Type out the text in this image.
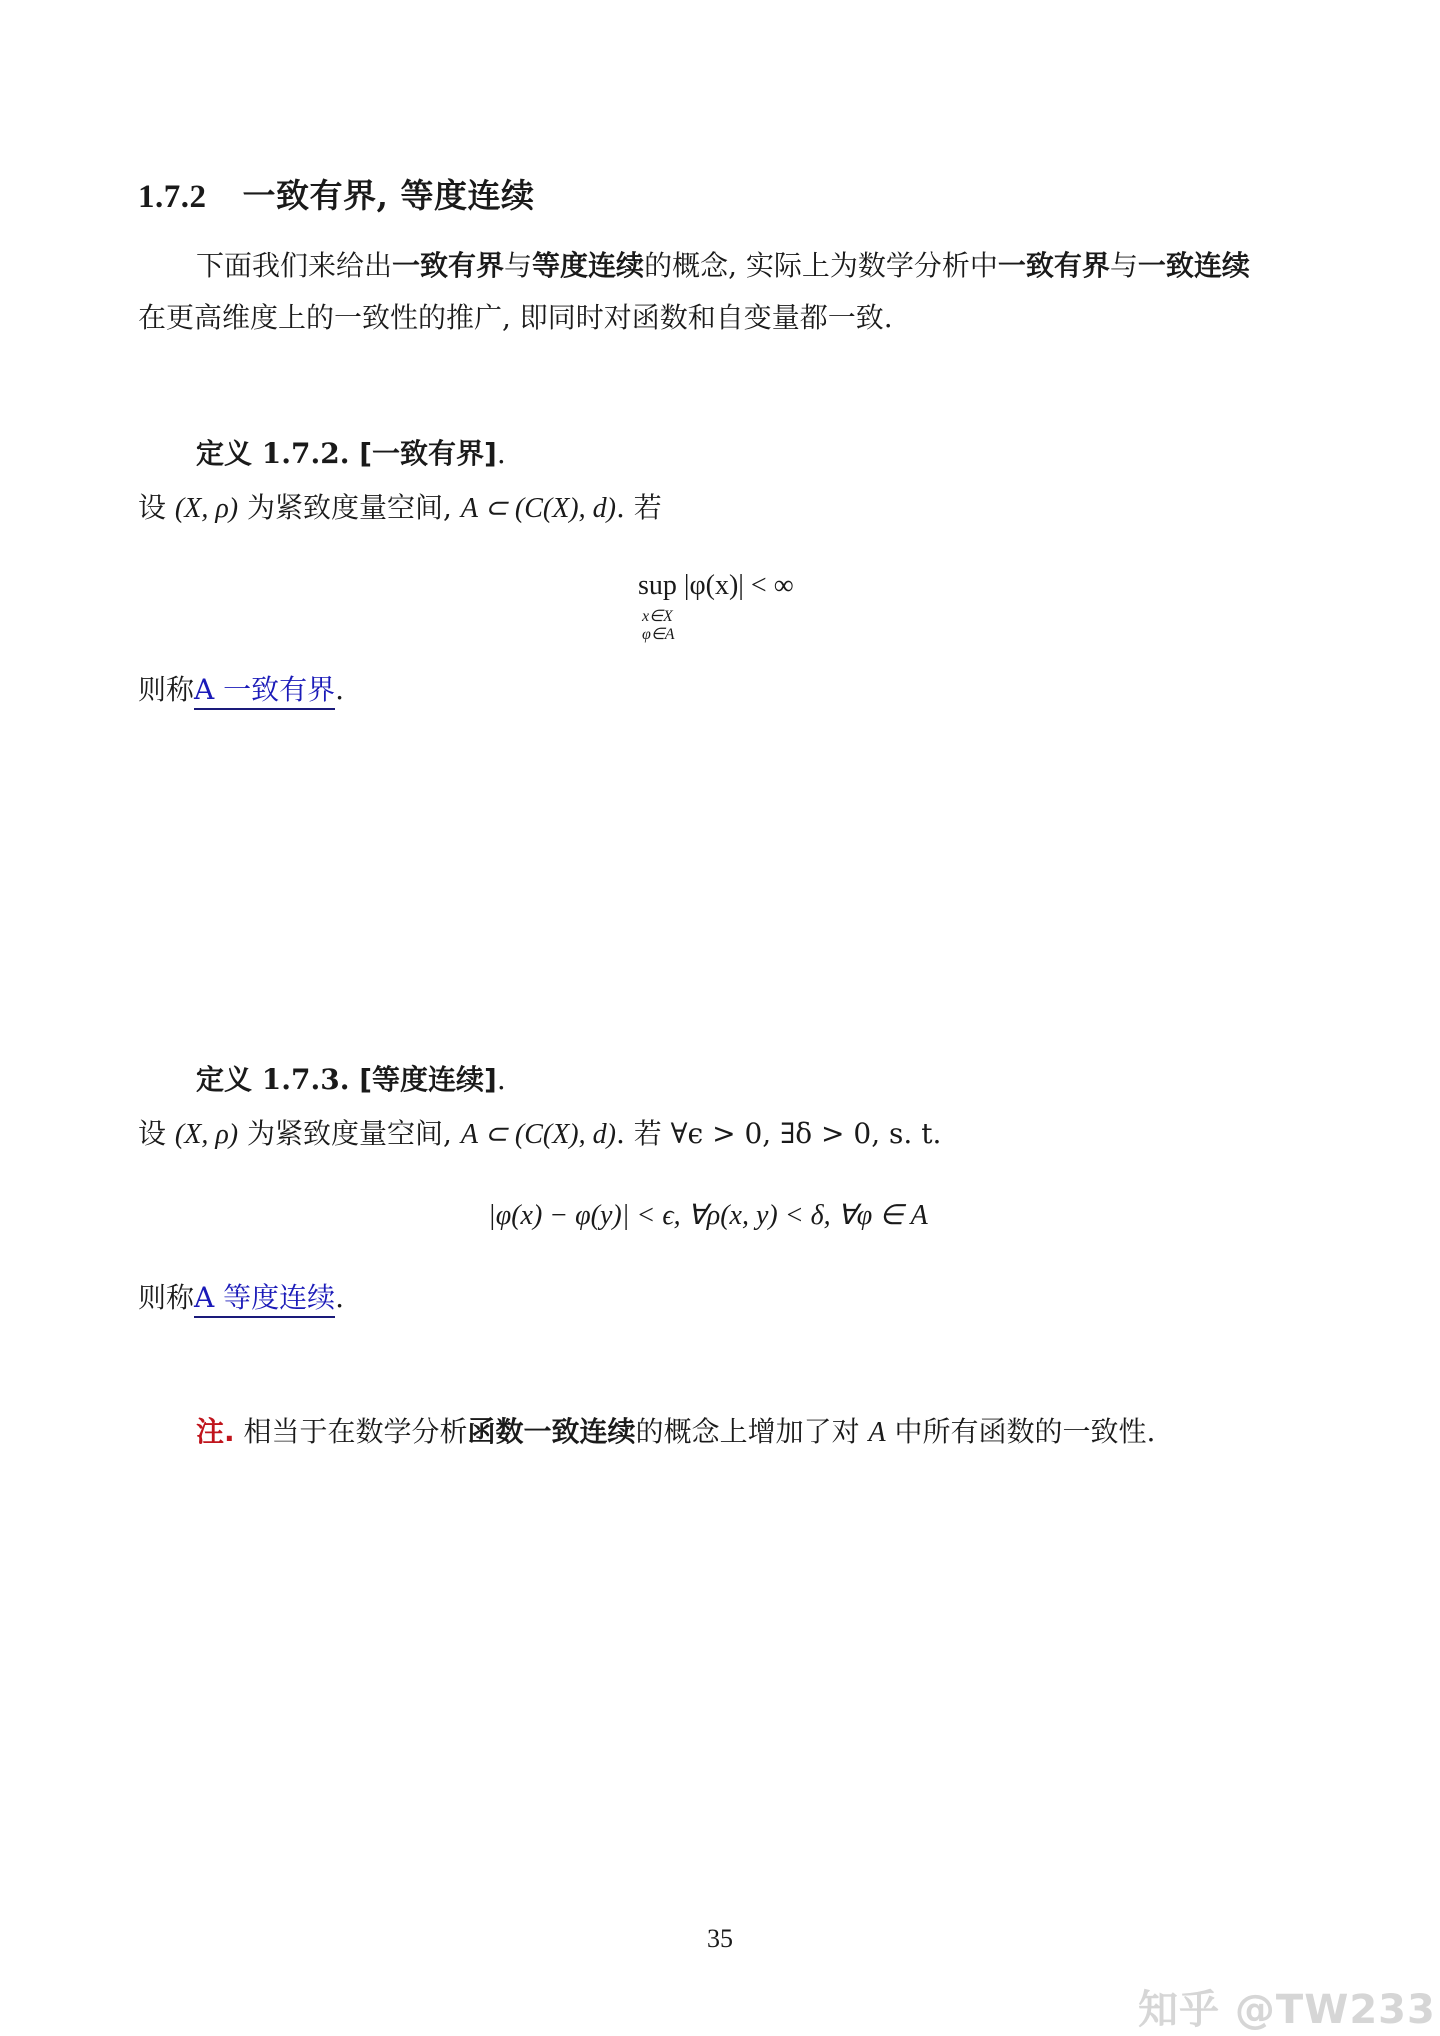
1.7.2 一致有界, 等度连续
下面我们来给出一致有界与等度连续的概念, 实际上为数学分析中一致有界与一致连续
在更高维度上的一致性的推广, 即同时对函数和自变量都一致.
定义 1.7.2. [一致有界].
设 (X, ρ) 为紧致度量空间, A ⊂ (C(X), d). 若
sup |φ(x)| < ∞
x∈X
φ∈A
则称A 一致有界.
定义 1.7.3. [等度连续].
设 (X, ρ) 为紧致度量空间, A ⊂ (C(X), d). 若 ∀ϵ > 0, ∃δ > 0, s. t.
|φ(x) − φ(y)| < ϵ, ∀ρ(x, y) < δ, ∀φ ∈ A
则称A 等度连续.
注. 相当于在数学分析函数一致连续的概念上增加了对 A 中所有函数的一致性.
35
知乎 @TW233
